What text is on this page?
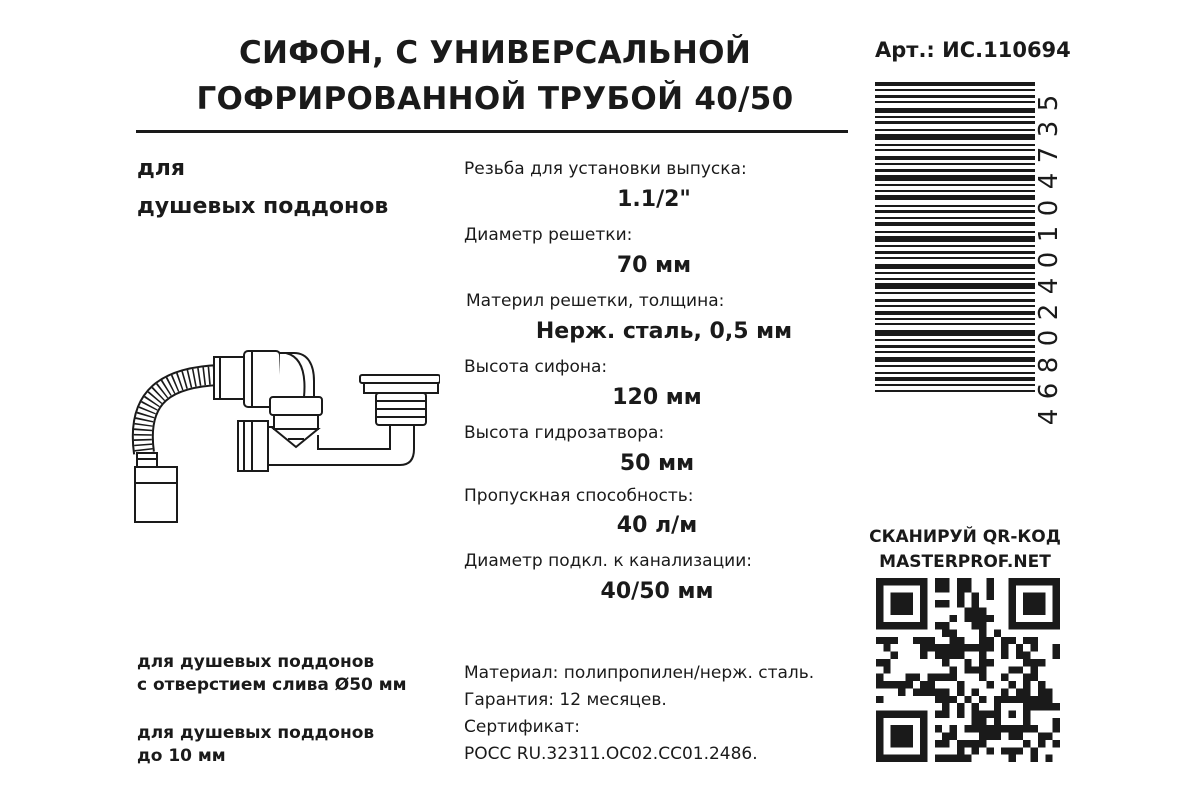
СИФОН, С УНИВЕРСАЛЬНОЙ
ГОФРИРОВАННОЙ ТРУБОЙ 40/50
Арт.: ИС.110694
для
душевых поддонов
Резьба для установки выпуска:
1.1/2"
Диаметр решетки:
70 мм
Материл решетки, толщина:
Нерж. сталь, 0,5 мм
Высота сифона:
120 мм
Высота гидрозатвора:
50 мм
Пропускная способность:
40 л/м
Диаметр подкл. к канализации:
40/50 мм
для душевых поддонов
с отверстием слива Ø50 мм
для душевых поддонов
до 10 мм
Материал: полипропилен/нерж. сталь.
Гарантия: 12 месяцев.
Сертификат:
РОСС RU.32311.ОС02.СС01.2486.
4
6
8
0
2
4
0
1
0
4
7
3
5
СКАНИРУЙ QR-КОД
MASTERPROF.NET
